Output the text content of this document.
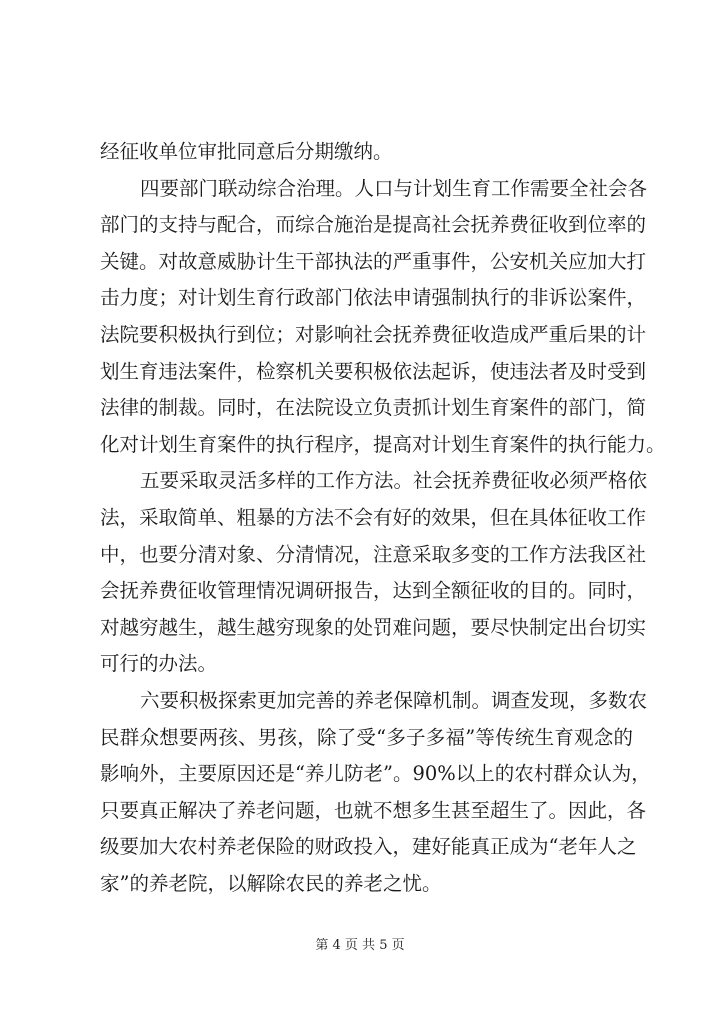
经征收单位审批同意后分期缴纳。
四要部门联动综合治理。人口与计划生育工作需要全社会各
部门的支持与配合，而综合施治是提高社会抚养费征收到位率的
关键。对故意威胁计生干部执法的严重事件，公安机关应加大打
击力度；对计划生育行政部门依法申请强制执行的非诉讼案件，
法院要积极执行到位；对影响社会抚养费征收造成严重后果的计
划生育违法案件，检察机关要积极依法起诉，使违法者及时受到
法律的制裁。同时，在法院设立负责抓计划生育案件的部门，简
化对计划生育案件的执行程序，提高对计划生育案件的执行能力。
五要采取灵活多样的工作方法。社会抚养费征收必须严格依
法，采取简单、粗暴的方法不会有好的效果，但在具体征收工作
中，也要分清对象、分清情况，注意采取多变的工作方法我区社
会抚养费征收管理情况调研报告，达到全额征收的目的。同时，
对越穷越生，越生越穷现象的处罚难问题，要尽快制定出台切实
可行的办法。
六要积极探索更加完善的养老保障机制。调查发现，多数农
民群众想要两孩、男孩，除了受“多子多福”等传统生育观念的
影响外，主要原因还是“养儿防老”。90%以上的农村群众认为，
只要真正解决了养老问题，也就不想多生甚至超生了。因此，各
级要加大农村养老保险的财政投入，建好能真正成为“老年人之
家”的养老院，以解除农民的养老之忧。
第 4 页 共 5 页
